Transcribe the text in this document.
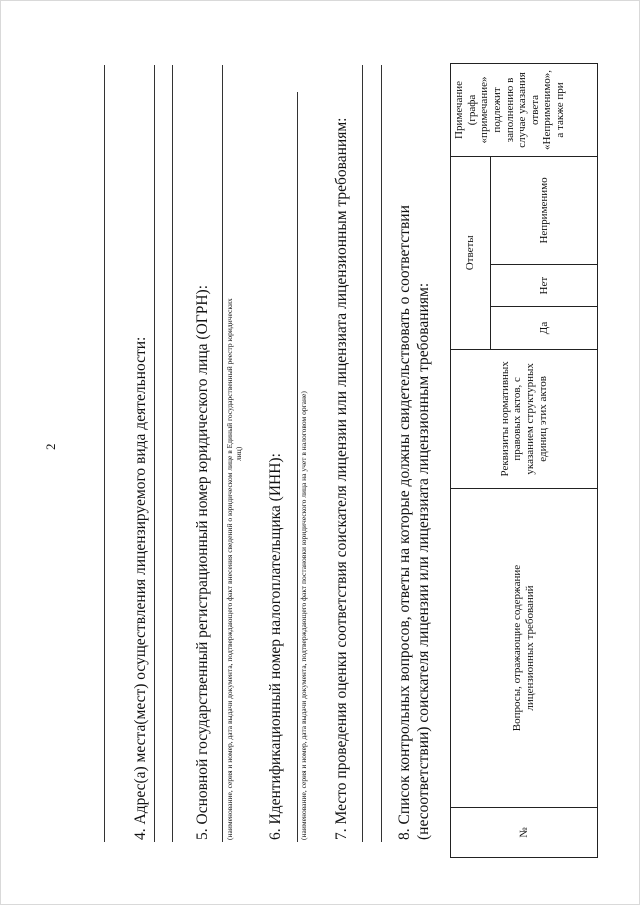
2	4. Адрес(а) места(мест) осуществления лицензируемого вида деятельности:	5. Основной государственный регистрационный номер юридического лица (ОГРН): (наименование, серия и номер, дата выдачи документа, подтверждающего факт внесения сведений о юридическом лице в Единый государственный реестр юридических лиц) 6. Идентификационный номер налогоплательщика (ИНН): (наименование, серия и номер, дата выдачи документа, подтверждающего факт постановки юридического лица на учет в налоговом органе) 7. Место проведения оценки соответствия соискателя лицензии или лицензиата лицензионным требованиям:	8. Список контрольных вопросов, ответы на которые должны свидетельствовать о соответствии (несоответствии) соискателя лицензии или лицензиата лицензионным требованиям:	№	Вопросы, отражающие содержание лицензионных требований	Реквизиты нормативных правовых актов, с указанием структурных единиц этих актов	Ответы			Примечание (графа «примечание» подлежит заполнению в случае указания ответа «Неприменимо», а также при

			Да	Нет	Неприменимо	
